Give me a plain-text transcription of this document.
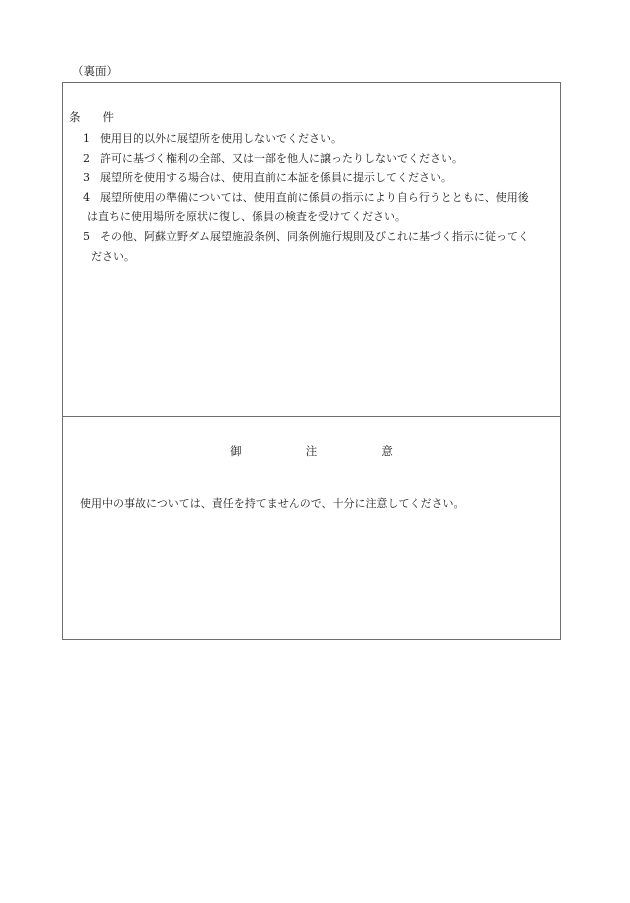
（裏面）
条 件
1 使用目的以外に展望所を使用しないでください。
2 許可に基づく権利の全部、又は一部を他人に譲ったりしないでください。
3 展望所を使用する場合は、使用直前に本証を係員に提示してください。
4 展望所使用の準備については、使用直前に係員の指示により自ら行うとともに、使用後
は直ちに使用場所を原状に復し、係員の検査を受けてください。
5 その他、阿蘇立野ダム展望施設条例、同条例施行規則及びこれに基づく指示に従ってく
ださい。
御	注	意
使用中の事故については、責任を持てませんので、十分に注意してください。
